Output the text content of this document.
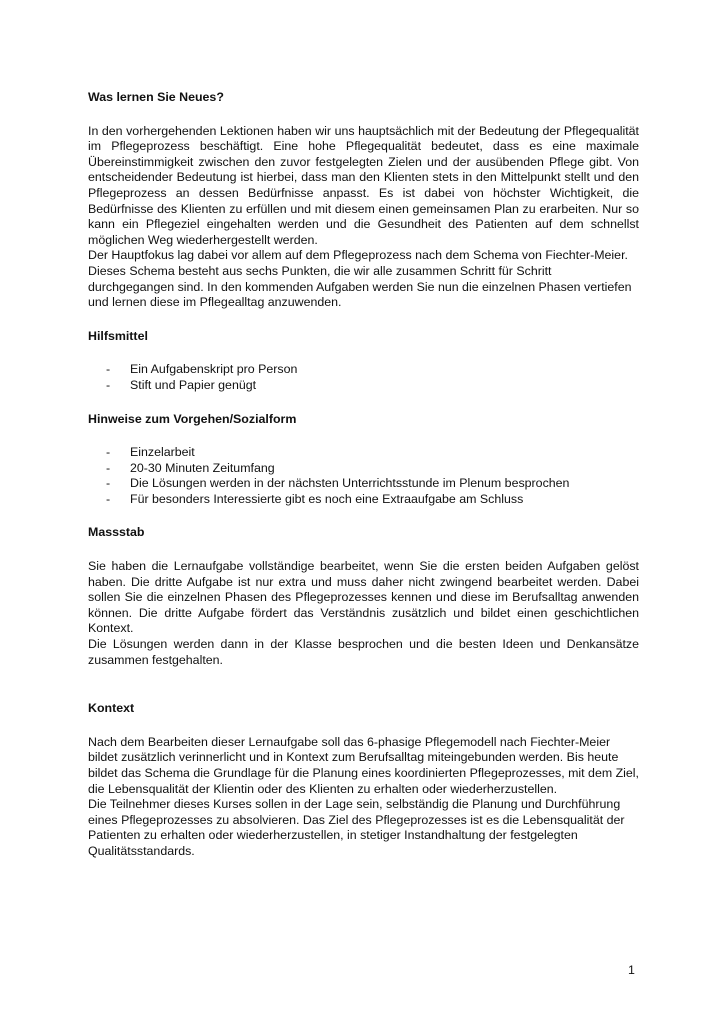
Was lernen Sie Neues?

In den vorhergehenden Lektionen haben wir uns hauptsächlich mit der Bedeutung der Pflegequalität im Pflegeprozess beschäftigt. Eine hohe Pflegequalität bedeutet, dass es eine maximale Übereinstimmigkeit zwischen den zuvor festgelegten Zielen und der ausübenden Pflege gibt. Von entscheidender Bedeutung ist hierbei, dass man den Klienten stets in den Mittelpunkt stellt und den Pflegeprozess an dessen Bedürfnisse anpasst. Es ist dabei von höchster Wichtigkeit, die Bedürfnisse des Klienten zu erfüllen und mit diesem einen gemeinsamen Plan zu erarbeiten. Nur so kann ein Pflegeziel eingehalten werden und die Gesundheit des Patienten auf dem schnellst möglichen Weg wiederhergestellt werden.

Der Hauptfokus lag dabei vor allem auf dem Pflegeprozess nach dem Schema von Fiechter-Meier. Dieses Schema besteht aus sechs Punkten, die wir alle zusammen Schritt für Schritt durchgegangen sind. In den kommenden Aufgaben werden Sie nun die einzelnen Phasen vertiefen und lernen diese im Pflegealltag anzuwenden.

Hilfsmittel
- Ein Aufgabenskript pro Person
- Stift und Papier genügt
Hinweise zum Vorgehen/Sozialform
- Einzelarbeit
- 20-30 Minuten Zeitumfang
- Die Lösungen werden in der nächsten Unterrichtsstunde im Plenum besprochen
- Für besonders Interessierte gibt es noch eine Extraaufgabe am Schluss
Massstab

Sie haben die Lernaufgabe vollständige bearbeitet, wenn Sie die ersten beiden Aufgaben gelöst haben. Die dritte Aufgabe ist nur extra und muss daher nicht zwingend bearbeitet werden. Dabei sollen Sie die einzelnen Phasen des Pflegeprozesses kennen und diese im Berufsalltag anwenden können. Die dritte Aufgabe fördert das Verständnis zusätzlich und bildet einen geschichtlichen Kontext.

Die Lösungen werden dann in der Klasse besprochen und die besten Ideen und Denkansätze zusammen festgehalten.

Kontext

Nach dem Bearbeiten dieser Lernaufgabe soll das 6-phasige Pflegemodell nach Fiechter-Meier bildet zusätzlich verinnerlicht und in Kontext zum Berufsalltag miteingebunden werden. Bis heute bildet das Schema die Grundlage für die Planung eines koordinierten Pflegeprozesses, mit dem Ziel, die Lebensqualität der Klientin oder des Klienten zu erhalten oder wiederherzustellen.

Die Teilnehmer dieses Kurses sollen in der Lage sein, selbständig die Planung und Durchführung eines Pflegeprozesses zu absolvieren. Das Ziel des Pflegeprozesses ist es die Lebensqualität der Patienten zu erhalten oder wiederherzustellen, in stetiger Instandhaltung der festgelegten Qualitätsstandards.

1
